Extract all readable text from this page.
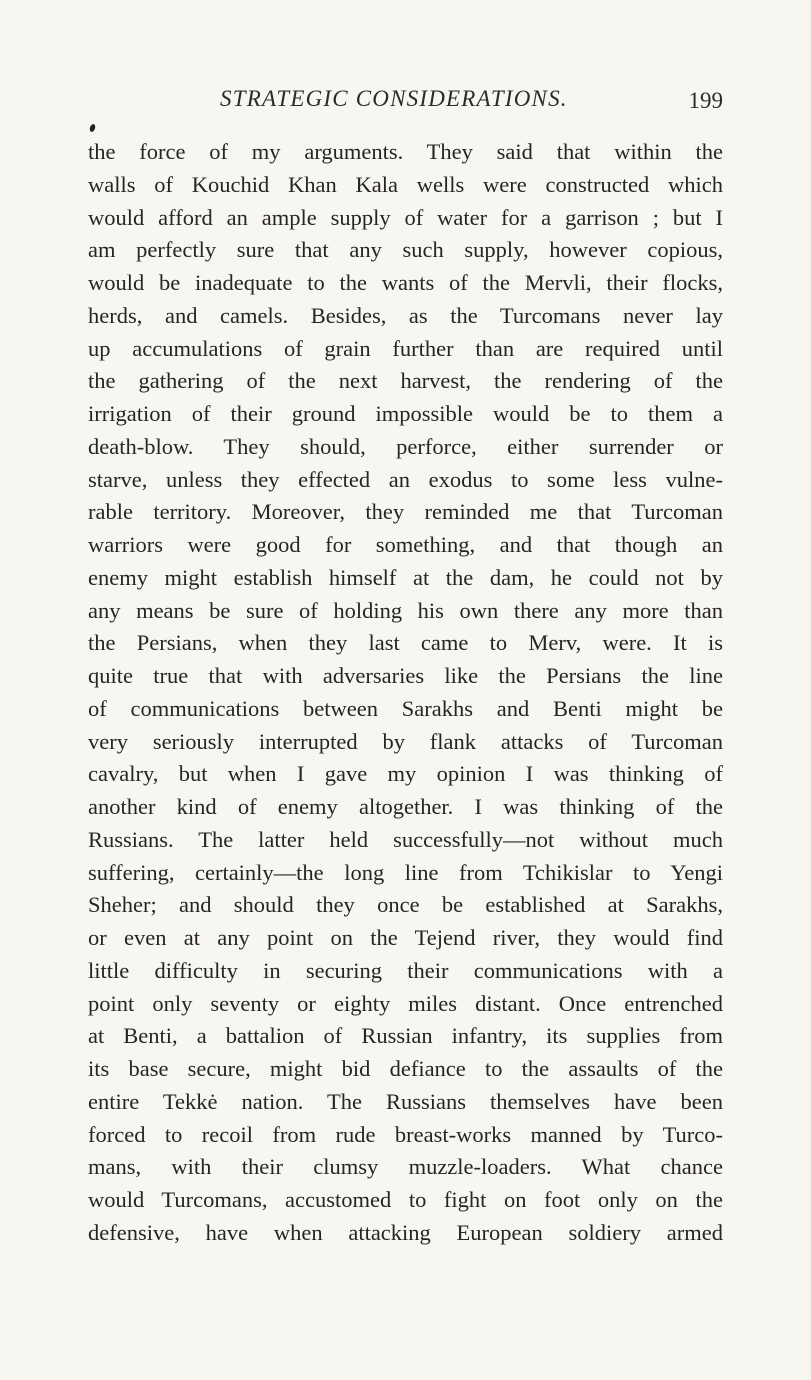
STRATEGIC CONSIDERATIONS.	199
the force of my arguments. They said that within the
walls of Kouchid Khan Kala wells were constructed which
would afford an ample supply of water for a garrison ; but I
am perfectly sure that any such supply, however copious,
would be inadequate to the wants of the Mervli, their flocks,
herds, and camels. Besides, as the Turcomans never lay
up accumulations of grain further than are required until
the gathering of the next harvest, the rendering of the
irrigation of their ground impossible would be to them a
death-blow. They should, perforce, either surrender or
starve, unless they effected an exodus to some less vulne-
rable territory. Moreover, they reminded me that Turcoman
warriors were good for something, and that though an
enemy might establish himself at the dam, he could not by
any means be sure of holding his own there any more than
the Persians, when they last came to Merv, were. It is
quite true that with adversaries like the Persians the line
of communications between Sarakhs and Benti might be
very seriously interrupted by flank attacks of Turcoman
cavalry, but when I gave my opinion I was thinking of
another kind of enemy altogether. I was thinking of the
Russians. The latter held successfully—not without much
suffering, certainly—the long line from Tchikislar to Yengi
Sheher; and should they once be established at Sarakhs,
or even at any point on the Tejend river, they would find
little difficulty in securing their communications with a
point only seventy or eighty miles distant. Once entrenched
at Benti, a battalion of Russian infantry, its supplies from
its base secure, might bid defiance to the assaults of the
entire Tekkė nation. The Russians themselves have been
forced to recoil from rude breast-works manned by Turco-
mans, with their clumsy muzzle-loaders. What chance
would Turcomans, accustomed to fight on foot only on the
defensive, have when attacking European soldiery armed
